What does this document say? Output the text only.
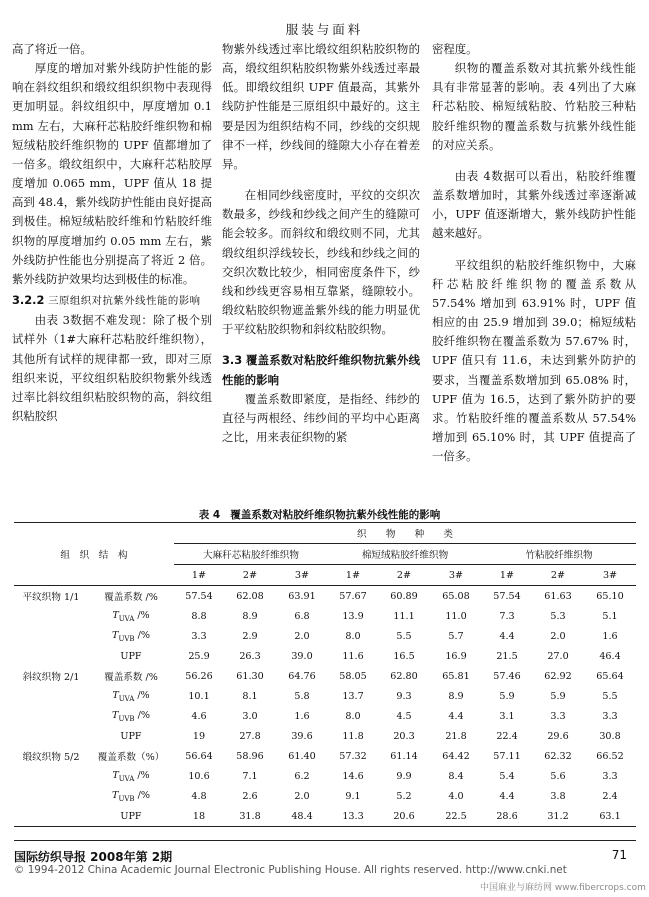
服装与面料

高了将近一倍。

厚度的增加对紫外线防护性能的影响在斜纹组织和缎纹组织织物中表现得更加明显。斜纹组织中，厚度增加 0.1 mm 左右，大麻秆芯粘胶纤维织物和棉短绒粘胶纤维织物的 UPF 值都增加了一倍多。缎纹组织中，大麻秆芯粘胶厚度增加 0.065 mm，UPF 值从 18 提高到 48.4，紫外线防护性能由良好提高到极佳。棉短绒粘胶纤维和竹粘胶纤维织物的厚度增加约 0.05 mm 左右，紫外线防护性能也分别提高了将近 2 倍。紫外线防护效果均达到极佳的标准。

3.2.2 三原组织对抗紫外线性能的影响

由表 3数据不难发现：除了极个别试样外（1#大麻秆芯粘胶纤维织物），其他所有试样的规律都一致，即对三原组织来说，平纹组织粘胶织物紫外线透过率比斜纹组织粘胶织物的高，斜纹组织粘胶织

物紫外线透过率比缎纹组织粘胶织物的高，缎纹组织粘胶织物紫外线透过率最低。即缎纹组织 UPF 值最高，其紫外线防护性能是三原组织中最好的。这主要是因为组织结构不同，纱线的交织规律不一样，纱线间的缝隙大小存在着差异。

在相同纱线密度时，平纹的交织次数最多，纱线和纱线之间产生的缝隙可能会较多。而斜纹和缎纹则不同，尤其缎纹组织浮线较长，纱线和纱线之间的交织次数比较少，相同密度条件下，纱线和纱线更容易相互靠紧，缝隙较小。缎纹粘胶织物遮盖紫外线的能力明显优于平纹粘胶织物和斜纹粘胶织物。

3.3 覆盖系数对粘胶纤维织物抗紫外线性能的影响

覆盖系数即紧度，是指经、纬纱的直径与两根经、纬纱间的平均中心距离之比，用来表征织物的紧

密程度。

织物的覆盖系数对其抗紫外线性能具有非常显著的影响。表 4列出了大麻秆芯粘胶、棉短绒粘胶、竹粘胶三种粘胶纤维织物的覆盖系数与抗紫外线性能的对应关系。

由表 4数据可以看出，粘胶纤维覆盖系数增加时，其紫外线透过率逐渐减小，UPF 值逐渐增大，紫外线防护性能越来越好。

平纹组织的粘胶纤维织物中，大麻秆芯粘胶纤维织物的覆盖系数从 57.54% 增加到 63.91% 时，UPF 值相应的由 25.9 增加到 39.0；棉短绒粘胶纤维织物在覆盖系数为 57.67% 时，UPF 值只有 11.6，未达到紫外防护的要求，当覆盖系数增加到 65.08% 时，UPF 值为 16.5，达到了紫外防护的要求。竹粘胶纤维的覆盖系数从 57.54% 增加到 65.10% 时，其 UPF 值提高了一倍多。

表 4 覆盖系数对粘胶纤维织物抗紫外线性能的影响
组　织　结　构		织　　物　　种　　类								
		大麻秆芯粘胶纤维织物			棉短绒粘胶纤维织物			竹粘胶纤维织物		
		1#	2#	3#	1#	2#	3#	1#	2#	3#
平纹织物 1/1	覆盖系数 /%	57.54	62.08	63.91	57.67	60.89	65.08	57.54	61.63	65.10
	$T_{UVA}$ /%	8.8	8.9	6.8	13.9	11.1	11.0	7.3	5.3	5.1
	$T_{UVB}$ /%	3.3	2.9	2.0	8.0	5.5	5.7	4.4	2.0	1.6
	UPF	25.9	26.3	39.0	11.6	16.5	16.9	21.5	27.0	46.4
斜纹织物 2/1	覆盖系数 /%	56.26	61.30	64.76	58.05	62.80	65.81	57.46	62.92	65.64
	$T_{UVA}$ /%	10.1	8.1	5.8	13.7	9.3	8.9	5.9	5.9	5.5
	$T_{UVB}$ /%	4.6	3.0	1.6	8.0	4.5	4.4	3.1	3.3	3.3
	UPF	19	27.8	39.6	11.8	20.3	21.8	22.4	29.6	30.8
缎纹织物 5/2	覆盖系数（%）	56.64	58.96	61.40	57.32	61.14	64.42	57.11	62.32	66.52
	$T_{UVA}$ /%	10.6	7.1	6.2	14.6	9.9	8.4	5.4	5.6	3.3
	$T_{UVB}$ /%	4.8	2.6	2.0	9.1	5.2	4.0	4.4	3.8	2.4
	UPF	18	31.8	48.4	13.3	20.6	22.5	28.6	31.2	63.1
国际纺织导报 2008年第 2期	71
© 1994-2012 China Academic Journal Electronic Publishing House. All rights reserved. http://www.cnki.net
中国麻业与麻纺网 www.fibercrops.com
